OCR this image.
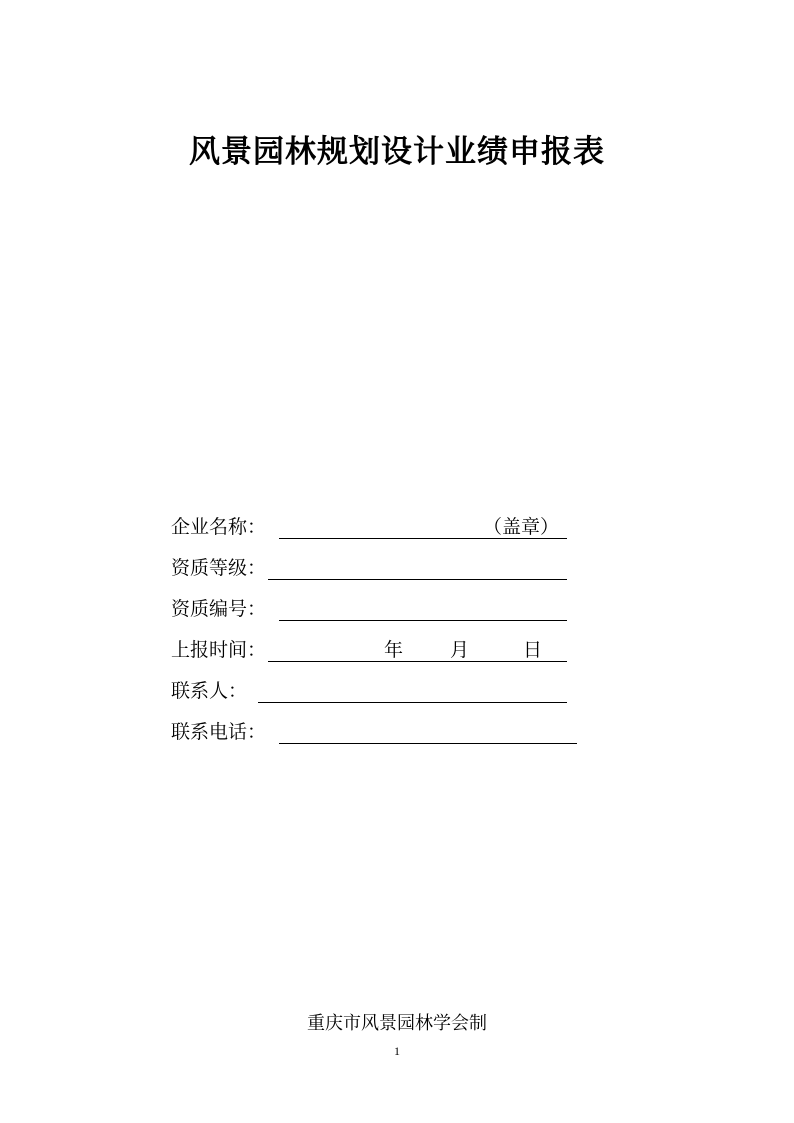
风景园林规划设计业绩申报表
企业名称：	（盖章）
资质等级：
资质编号：
上报时间：	年 月	日
联系人：
联系电话：
重庆市风景园林学会制
1
